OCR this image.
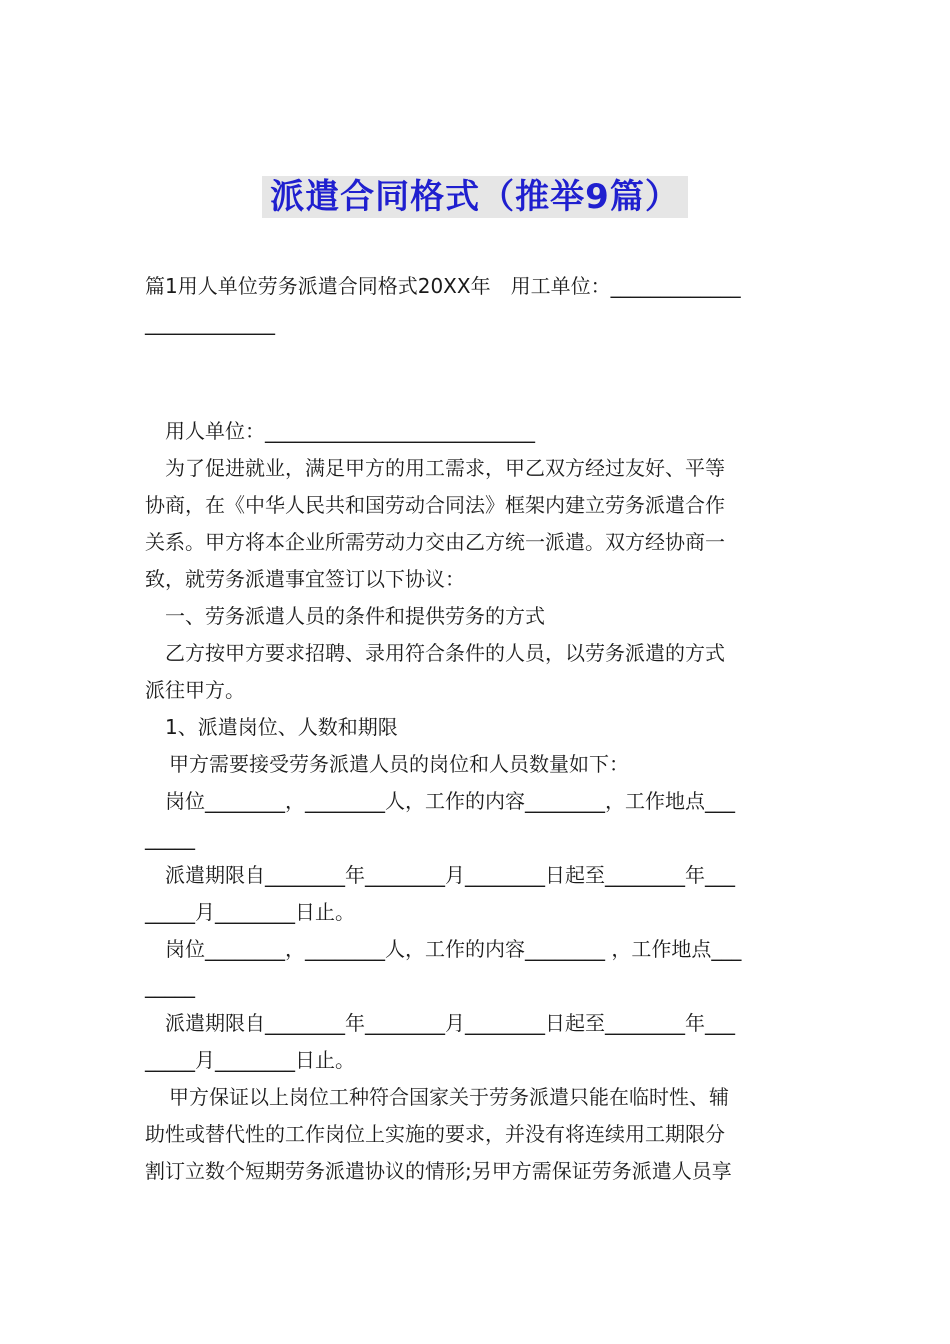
派遣合同格式（推举9篇）
篇1用人单位劳务派遣合同格式20XX年　用工单位：_____________
_____________
用人单位：___________________________
为了促进就业，满足甲方的用工需求，甲乙双方经过友好、平等
协商，在《中华人民共和国劳动合同法》框架内建立劳务派遣合作
关系。甲方将本企业所需劳动力交由乙方统一派遣。双方经协商一
致，就劳务派遣事宜签订以下协议：
一、劳务派遣人员的条件和提供劳务的方式
乙方按甲方要求招聘、录用符合条件的人员，以劳务派遣的方式
派往甲方。
1、派遣岗位、人数和期限
甲方需要接受劳务派遣人员的岗位和人员数量如下：
岗位________，________人，工作的内容________，工作地点___
_____
派遣期限自________年________月________日起至________年___
_____月________日止。
岗位________，________人，工作的内容________ ，工作地点___
_____
派遣期限自________年________月________日起至________年___
_____月________日止。
甲方保证以上岗位工种符合国家关于劳务派遣只能在临时性、辅
助性或替代性的工作岗位上实施的要求，并没有将连续用工期限分
割订立数个短期劳务派遣协议的情形;另甲方需保证劳务派遣人员享
